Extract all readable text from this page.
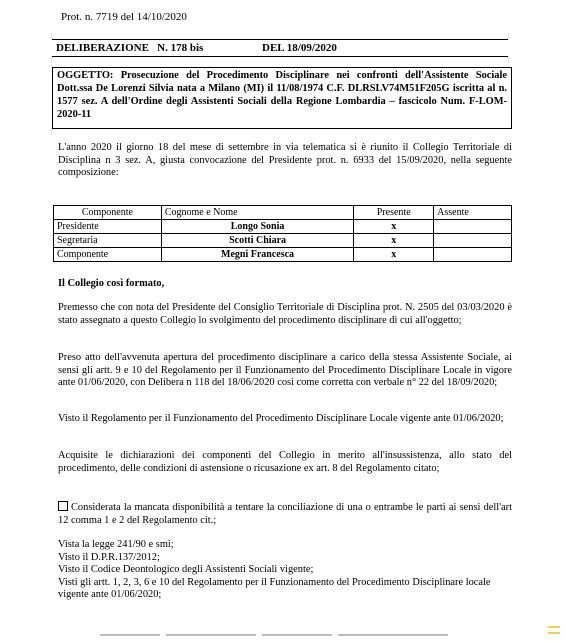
Prot. n. 7719 del 14/10/2020
DELIBERAZIONE   N. 178 bis	DEL 18/09/2020
OGGETTO: Prosecuzione del Procedimento Disciplinare nei confronti dell'Assistente Sociale Dott.ssa De Lorenzi Silvia nata a Milano (MI) il 11/08/1974 C.F. DLRSLV74M51F205G iscritta al n. 1577 sez. A dell'Ordine degli Assistenti Sociali della Regione Lombardia – fascicolo Num. F-LOM-2020-11
L'anno 2020 il giorno 18 del mese di settembre in via telematica si è riunito il Collegio Territoriale di Disciplina n 3 sez. A, giusta convocazione del Presidente prot. n. 6933 del 15/09/2020, nella seguente composizione:
Componente	Cognome e Nome	Presente	Assente
Presidente	Longo Sonia	x	
Segretaria	Scotti Chiara	x	
Componente	Megni Francesca	x	
Il Collegio così formato,
Premesso che con nota del Presidente del Consiglio Territoriale di Disciplina prot. N. 2505 del 03/03/2020 è stato assegnato a questo Collegio lo svolgimento del procedimento disciplinare di cui all'oggetto;
Preso atto dell'avvenuta apertura del procedimento disciplinare a carico della stessa Assistente Sociale, ai sensi gli artt. 9 e 10 del Regolamento per il Funzionamento del Procedimento Disciplinare Locale in vigore ante 01/06/2020, con Delibera n 118 del 18/06/2020 così come corretta con verbale n° 22 del 18/09/2020;
Visto il Regolamento per il Funzionamento del Procedimento Disciplinare Locale vigente ante 01/06/2020;
Acquisite le dichiarazioni dei componenti del Collegio in merito all'insussistenza, allo stato del procedimento, delle condizioni di astensione o ricusazione ex art. 8 del Regolamento citato;
Considerata la mancata disponibilità a tentare la conciliazione di una o entrambe le parti ai sensi dell'art 12 comma 1 e 2 del Regolamento cit.;
Vista la legge 241/90 e smi;
Visto il D.P.R.137/2012;
Visto il Codice Deontologico degli Assistenti Sociali vigente;
Visti gli artt. 1, 2, 3, 6 e 10 del Regolamento per il Funzionamento del Procedimento Disciplinare locale vigente ante 01/06/2020;
